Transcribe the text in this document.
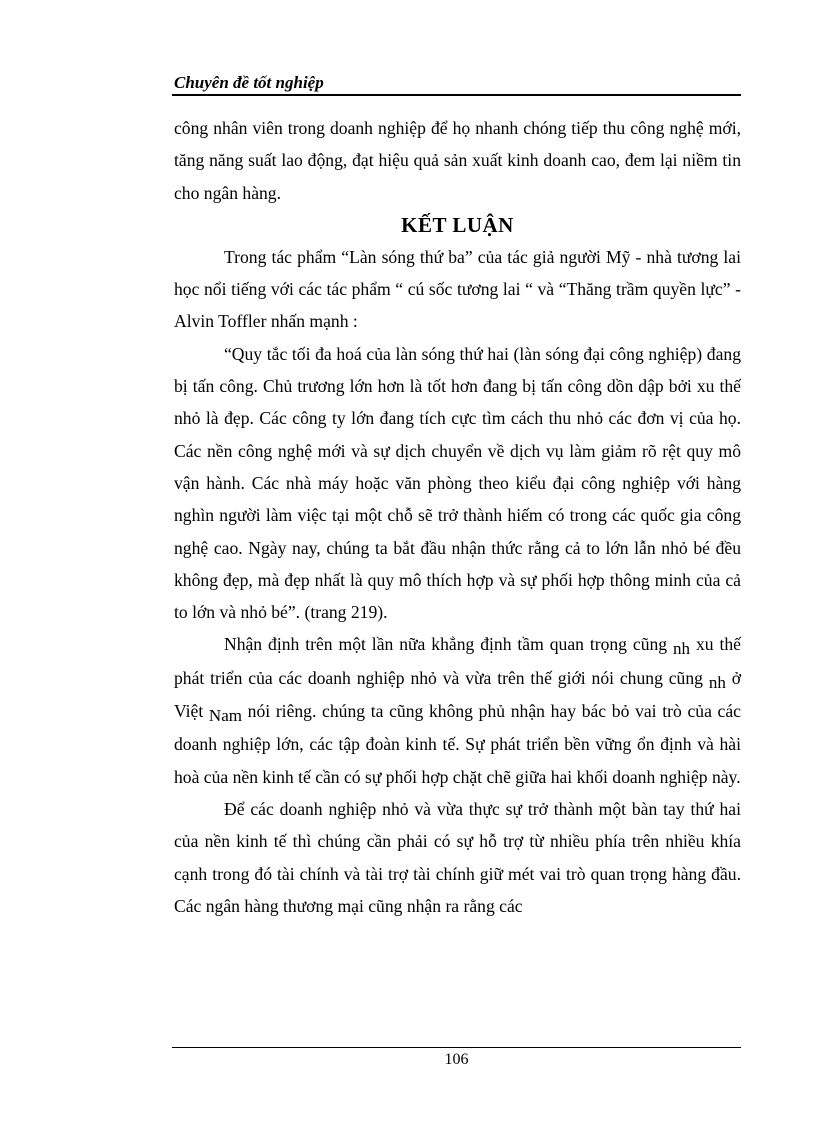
Chuyên đề tốt nghiệp

công nhân viên trong doanh nghiệp để họ nhanh chóng tiếp thu công nghệ mới, tăng năng suất lao động, đạt hiệu quả sản xuất kinh doanh cao, đem lại niềm tin cho ngân hàng.

KẾT LUẬN

Trong tác phẩm “Làn sóng thứ ba” của tác giả người Mỹ - nhà tương lai học nổi tiếng với các tác phẩm “ cú sốc tương lai “ và “Thăng trầm quyền lực” - Alvin Toffler nhấn mạnh :

“Quy tắc tối đa hoá của làn sóng thứ hai (làn sóng đại công nghiệp) đang bị tấn công. Chủ trương lớn hơn là tốt hơn đang bị tấn công dồn dập bởi xu thế nhỏ là đẹp. Các công ty lớn đang tích cực tìm cách thu nhỏ các đơn vị của họ. Các nền công nghệ mới và sự dịch chuyển về dịch vụ làm giảm rõ rệt quy mô vận hành. Các nhà máy hoặc văn phòng theo kiểu đại công nghiệp với hàng nghìn người làm việc tại một chỗ sẽ trở thành hiếm có trong các quốc gia công nghệ cao. Ngày nay, chúng ta bắt đầu nhận thức rằng cả to lớn lẫn nhỏ bé đều không đẹp, mà đẹp nhất là quy mô thích hợp và sự phối hợp thông minh của cả to lớn và nhỏ bé”. (trang 219).

Nhận định trên một lần nữa khẳng định tầm quan trọng cũng nh xu thế phát triển của các doanh nghiệp nhỏ và vừa trên thế giới nói chung cũng nh ở Việt Nam nói riêng. chúng ta cũng không phủ nhận hay bác bỏ vai trò của các doanh nghiệp lớn, các tập đoàn kinh tế. Sự phát triển bền vững ổn định và hài hoà của nền kinh tế cần có sự phối hợp chặt chẽ giữa hai khối doanh nghiệp này.

Để các doanh nghiệp nhỏ và vừa thực sự trở thành một bàn tay thứ hai của nền kinh tế thì chúng cần phải có sự hỗ trợ từ nhiều phía trên nhiều khía cạnh trong đó tài chính và tài trợ tài chính giữ mét vai trò quan trọng hàng đầu. Các ngân hàng thương mại cũng nhận ra rằng các

106
